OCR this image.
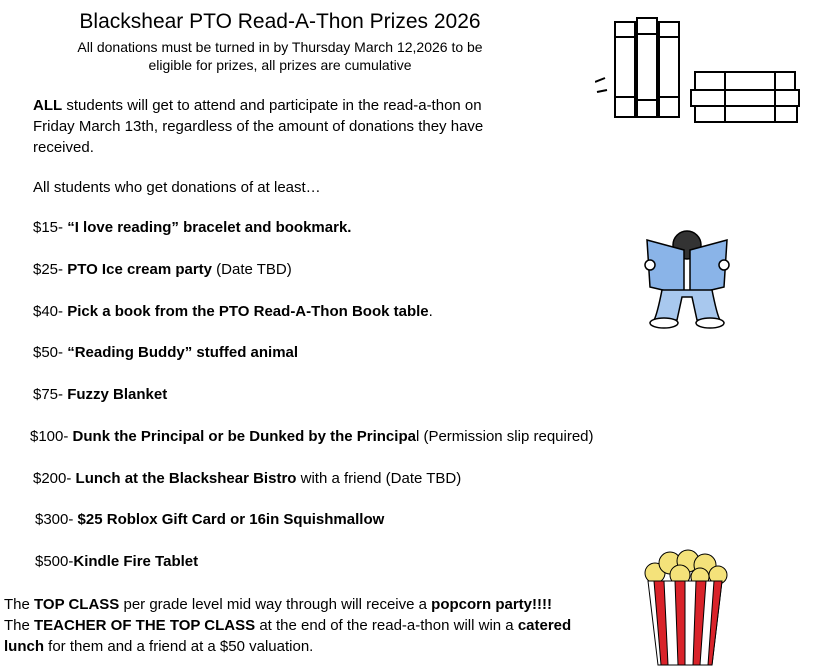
Blackshear PTO Read-A-Thon Prizes 2026
All donations must be turned in by Thursday March 12,2026 to be
eligible for prizes, all prizes are cumulative
ALL students will get to attend and participate in the read-a-thon on
Friday March 13th, regardless of the amount of donations they have
received.
All students who get donations of at least…
$15- “I love reading” bracelet and bookmark.
$25- PTO Ice cream party (Date TBD)
$40- Pick a book from the PTO Read-A-Thon Book table.
$50- “Reading Buddy” stuffed animal
$75- Fuzzy Blanket
$100- Dunk the Principal or be Dunked by the Principal (Permission slip required)
$200- Lunch at the Blackshear Bistro with a friend (Date TBD)
$300- $25 Roblox Gift Card or 16in Squishmallow
$500-Kindle Fire Tablet
The TOP CLASS per grade level mid way through will receive a popcorn party!!!!
The TEACHER OF THE TOP CLASS at the end of the read-a-thon will win a catered
lunch for them and a friend at a $50 valuation.
